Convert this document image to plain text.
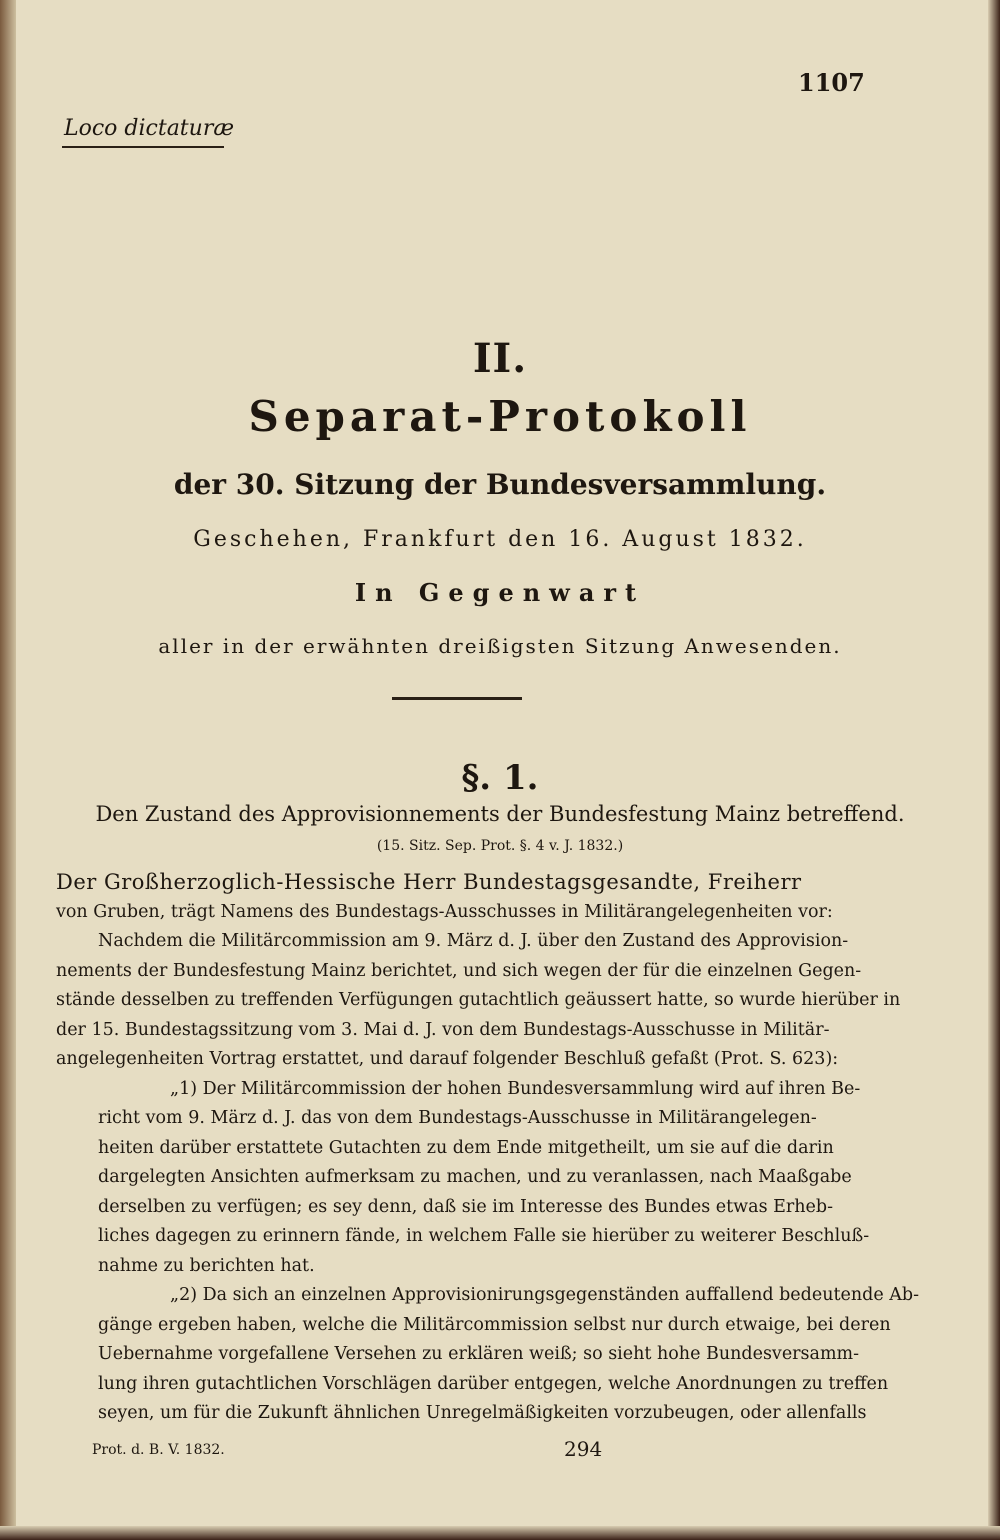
1107
Loco dictaturæ
II.
Separat-Protokoll
der 30. Sitzung der Bundesversammlung.
Geschehen, Frankfurt den 16. August 1832.
In Gegenwart
aller in der erwähnten dreißigsten Sitzung Anwesenden.
§. 1.
Den Zustand des Approvisionnements der Bundesfestung Mainz betreffend.
(15. Sitz. Sep. Prot. §. 4 v. J. 1832.)
Der Großherzoglich-Hessische Herr Bundestagsgesandte, Freiherr
von Gruben, trägt Namens des Bundestags-Ausschusses in Militärangelegenheiten vor:
Nachdem die Militärcommission am 9. März d. J. über den Zustand des Approvision-
nements der Bundesfestung Mainz berichtet, und sich wegen der für die einzelnen Gegen-
stände desselben zu treffenden Verfügungen gutachtlich geäussert hatte, so wurde hierüber in
der 15. Bundestagssitzung vom 3. Mai d. J. von dem Bundestags-Ausschusse in Militär-
angelegenheiten Vortrag erstattet, und darauf folgender Beschluß gefaßt (Prot. S. 623):
„1) Der Militärcommission der hohen Bundesversammlung wird auf ihren Be-
richt vom 9. März d. J. das von dem Bundestags-Ausschusse in Militärangelegen-
heiten darüber erstattete Gutachten zu dem Ende mitgetheilt, um sie auf die darin
dargelegten Ansichten aufmerksam zu machen, und zu veranlassen, nach Maaßgabe
derselben zu verfügen; es sey denn, daß sie im Interesse des Bundes etwas Erheb-
liches dagegen zu erinnern fände, in welchem Falle sie hierüber zu weiterer Beschluß-
nahme zu berichten hat.
„2) Da sich an einzelnen Approvisionirungsgegenständen auffallend bedeutende Ab-
gänge ergeben haben, welche die Militärcommission selbst nur durch etwaige, bei deren
Uebernahme vorgefallene Versehen zu erklären weiß; so sieht hohe Bundesversamm-
lung ihren gutachtlichen Vorschlägen darüber entgegen, welche Anordnungen zu treffen
seyen, um für die Zukunft ähnlichen Unregelmäßigkeiten vorzubeugen, oder allenfalls
Prot. d. B. V. 1832.	294
